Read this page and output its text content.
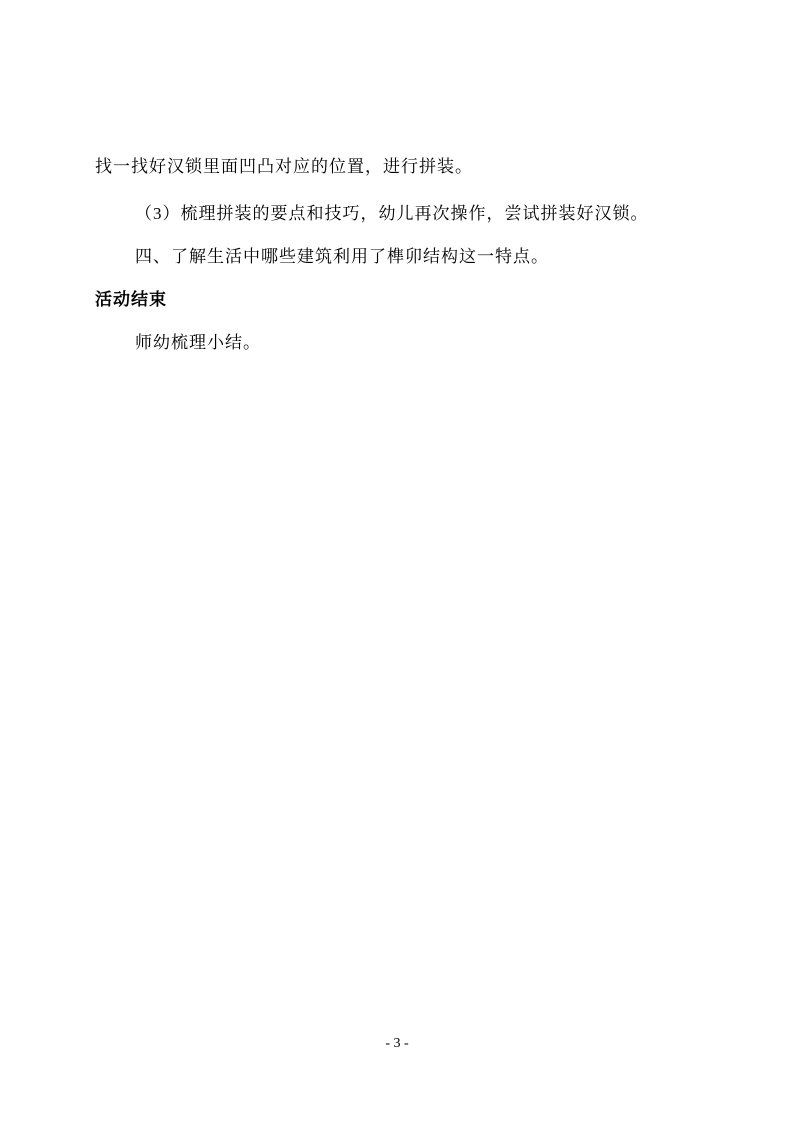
找一找好汉锁里面凹凸对应的位置，进行拼装。

（3）梳理拼装的要点和技巧，幼儿再次操作，尝试拼装好汉锁。

四、了解生活中哪些建筑利用了榫卯结构这一特点。

活动结束

师幼梳理小结。

- 3 -
